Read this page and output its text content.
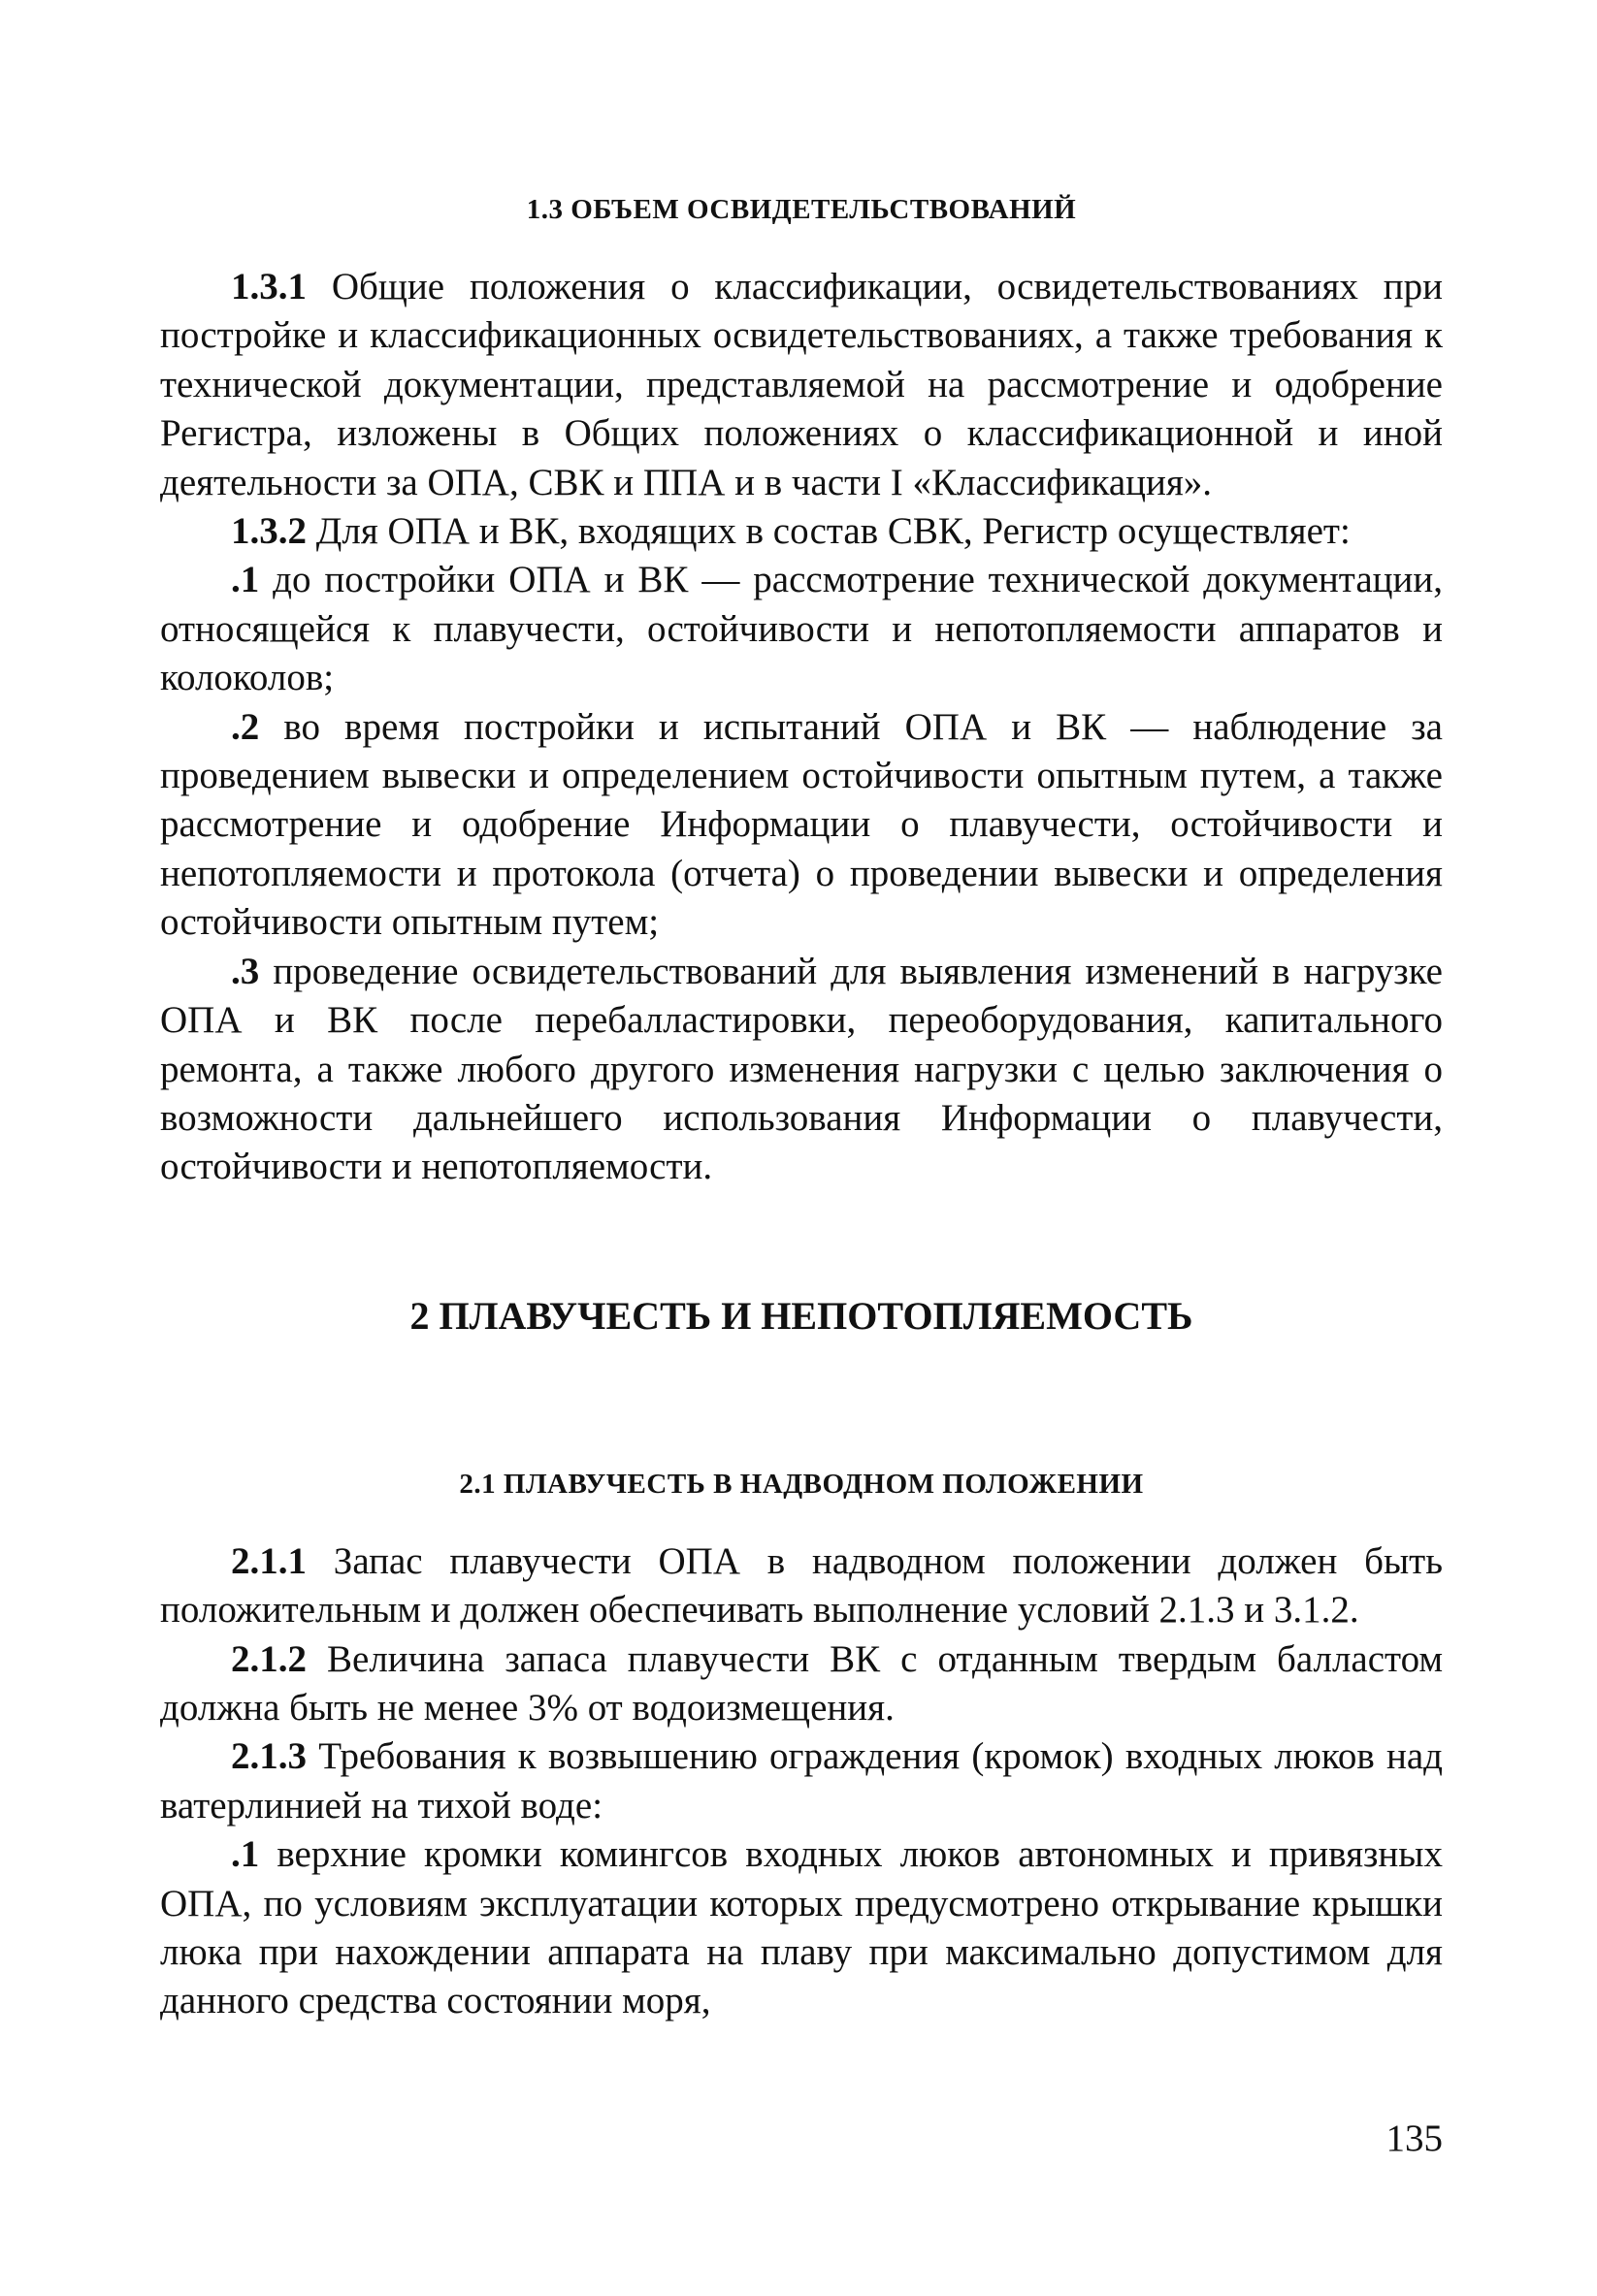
1.3 ОБЪЕМ ОСВИДЕТЕЛЬСТВОВАНИЙ

1.3.1 Общие положения о классификации, освидетельствованиях при постройке и классификационных освидетельствованиях, а также требования к технической документации, представляемой на рассмотрение и одобрение Регистра, изложены в Общих положениях о классификационной и иной деятельности за ОПА, СВК и ППА и в части I «Классификация».

1.3.2 Для ОПА и ВК, входящих в состав СВК, Регистр осуществляет:

.1 до постройки ОПА и ВК — рассмотрение технической документации, относящейся к плавучести, остойчивости и непотопляемости аппаратов и колоколов;

.2 во время постройки и испытаний ОПА и ВК — наблюдение за проведением вывески и определением остойчивости опытным путем, а также рассмотрение и одобрение Информации о плавучести, остойчивости и непотопляемости и протокола (отчета) о проведении вывески и определения остойчивости опытным путем;

.3 проведение освидетельствований для выявления изменений в нагрузке ОПА и ВК после перебалластировки, переоборудования, капитального ремонта, а также любого другого изменения нагрузки с целью заключения о возможности дальнейшего использования Информации о плавучести, остойчивости и непотопляемости.

2 ПЛАВУЧЕСТЬ И НЕПОТОПЛЯЕМОСТЬ
2.1 ПЛАВУЧЕСТЬ В НАДВОДНОМ ПОЛОЖЕНИИ

2.1.1 Запас плавучести ОПА в надводном положении должен быть положительным и должен обеспечивать выполнение условий 2.1.3 и 3.1.2.

2.1.2 Величина запаса плавучести ВК с отданным твердым балластом должна быть не менее 3% от водоизмещения.

2.1.3 Требования к возвышению ограждения (кромок) входных люков над ватерлинией на тихой воде:

.1 верхние кромки комингсов входных люков автономных и привязных ОПА, по условиям эксплуатации которых предусмотрено открывание крышки люка при нахождении аппарата на плаву при максимально допустимом для данного средства состоянии моря,

135
